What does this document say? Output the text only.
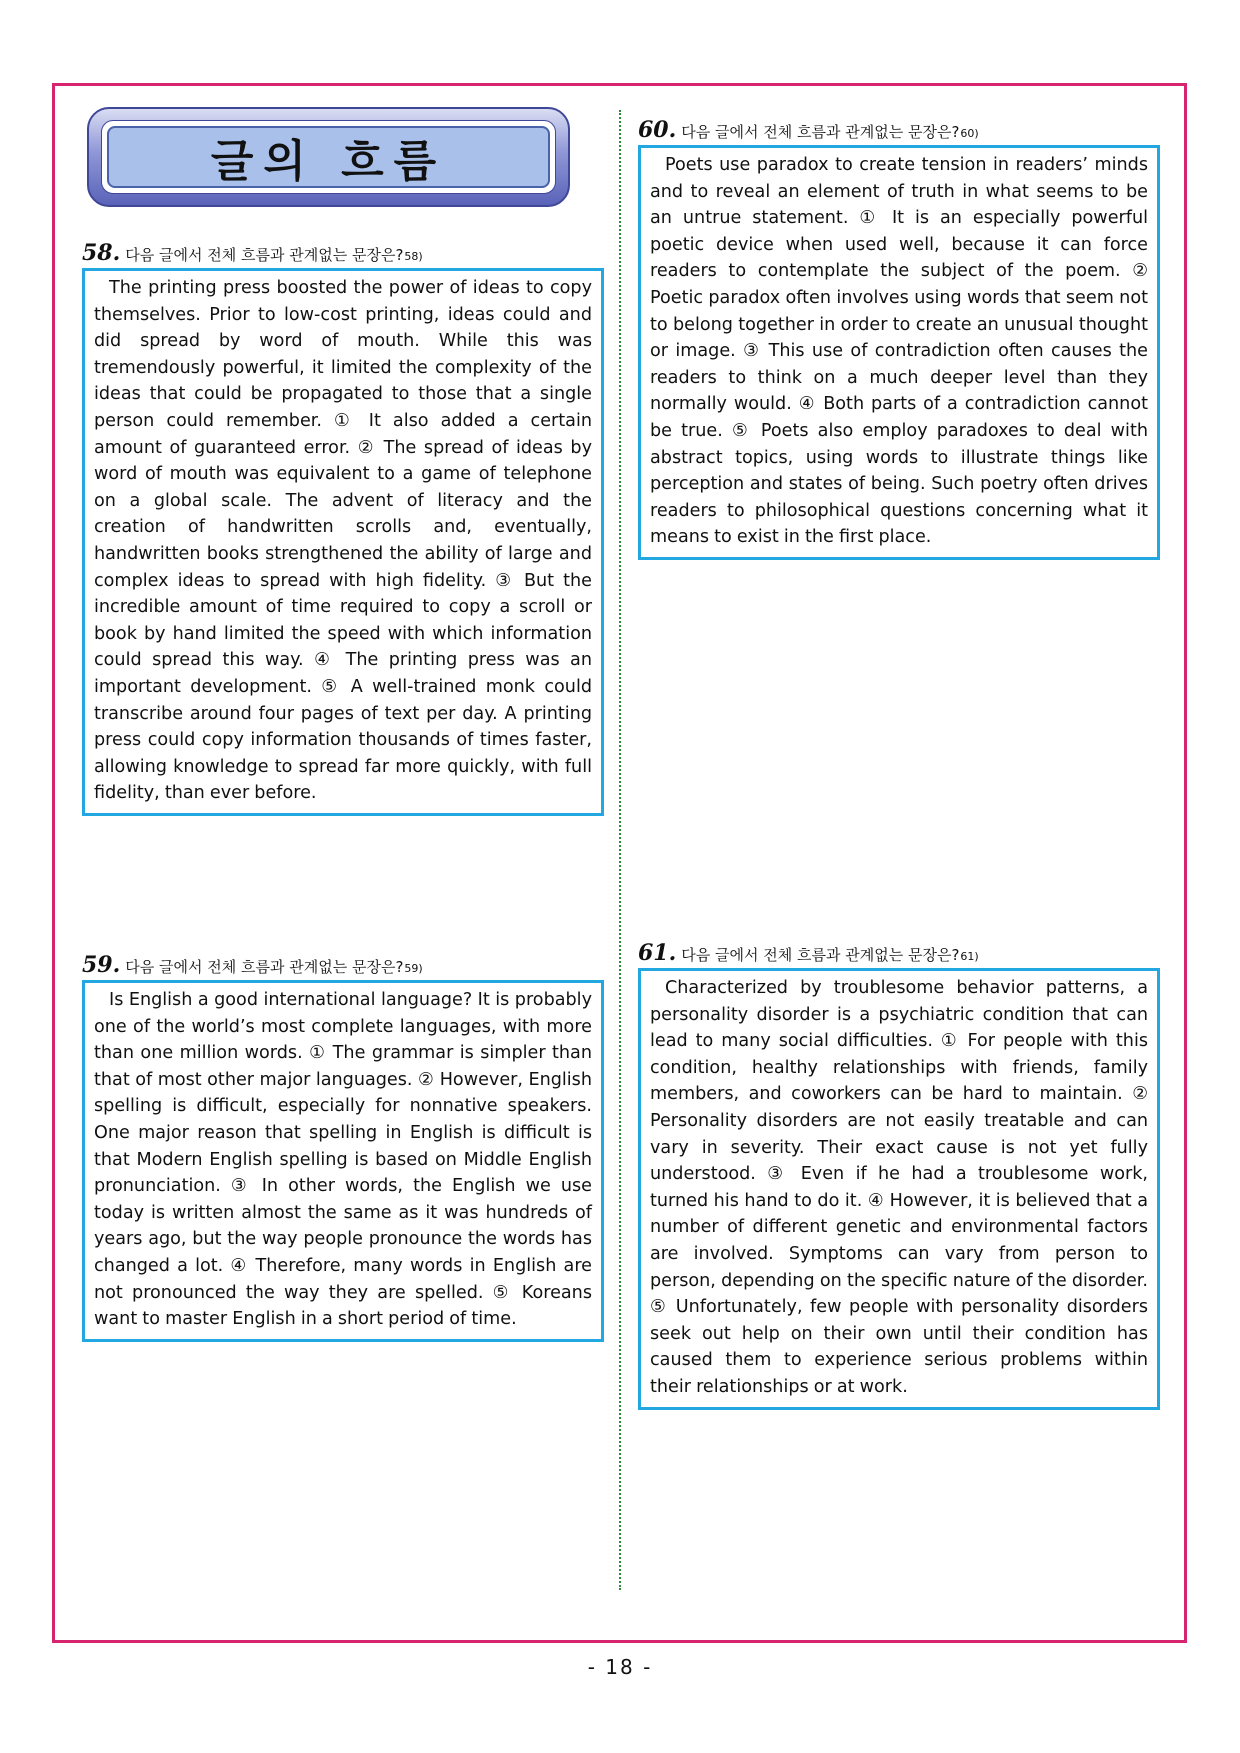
글의 흐름
58. 다음 글에서 전체 흐름과 관계없는 문장은? 58)

The printing press boosted the power of ideas to copy themselves. Prior to low-cost printing, ideas could and did spread by word of mouth. While this was tremendously powerful, it limited the complexity of the ideas that could be propagated to those that a single person could remember. ① It also added a certain amount of guaranteed error. ② The spread of ideas by word of mouth was equivalent to a game of telephone on a global scale. The advent of literacy and the creation of handwritten scrolls and, eventually, handwritten books strengthened the ability of large and complex ideas to spread with high fidelity. ③ But the incredible amount of time required to copy a scroll or book by hand limited the speed with which information could spread this way. ④ The printing press was an important development. ⑤ A well-trained monk could transcribe around four pages of text per day. A printing press could copy information thousands of times faster, allowing knowledge to spread far more quickly, with full fidelity, than ever before.

59. 다음 글에서 전체 흐름과 관계없는 문장은? 59)

Is English a good international language? It is probably one of the world’s most complete languages, with more than one million words. ① The grammar is simpler than that of most other major languages. ② However, English spelling is difficult, especially for nonnative speakers. One major reason that spelling in English is difficult is that Modern English spelling is based on Middle English pronunciation. ③ In other words, the English we use today is written almost the same as it was hundreds of years ago, but the way people pronounce the words has changed a lot. ④ Therefore, many words in English are not pronounced the way they are spelled. ⑤ Koreans want to master English in a short period of time.

60. 다음 글에서 전체 흐름과 관계없는 문장은? 60)

Poets use paradox to create tension in readers’ minds and to reveal an element of truth in what seems to be an untrue statement. ① It is an especially powerful poetic device when used well, because it can force readers to contemplate the subject of the poem. ② Poetic paradox often involves using words that seem not to belong together in order to create an unusual thought or image. ③ This use of contradiction often causes the readers to think on a much deeper level than they normally would. ④ Both parts of a contradiction cannot be true. ⑤ Poets also employ paradoxes to deal with abstract topics, using words to illustrate things like perception and states of being. Such poetry often drives readers to philosophical questions concerning what it means to exist in the first place.

61. 다음 글에서 전체 흐름과 관계없는 문장은? 61)

Characterized by troublesome behavior patterns, a personality disorder is a psychiatric condition that can lead to many social difficulties. ① For people with this condition, healthy relationships with friends, family members, and coworkers can be hard to maintain. ② Personality disorders are not easily treatable and can vary in severity. Their exact cause is not yet fully understood. ③ Even if he had a troublesome work, turned his hand to do it. ④ However, it is believed that a number of different genetic and environmental factors are involved. Symptoms can vary from person to person, depending on the specific nature of the disorder. ⑤ Unfortunately, few people with personality disorders seek out help on their own until their condition has caused them to experience serious problems within their relationships or at work.

- 18 -
